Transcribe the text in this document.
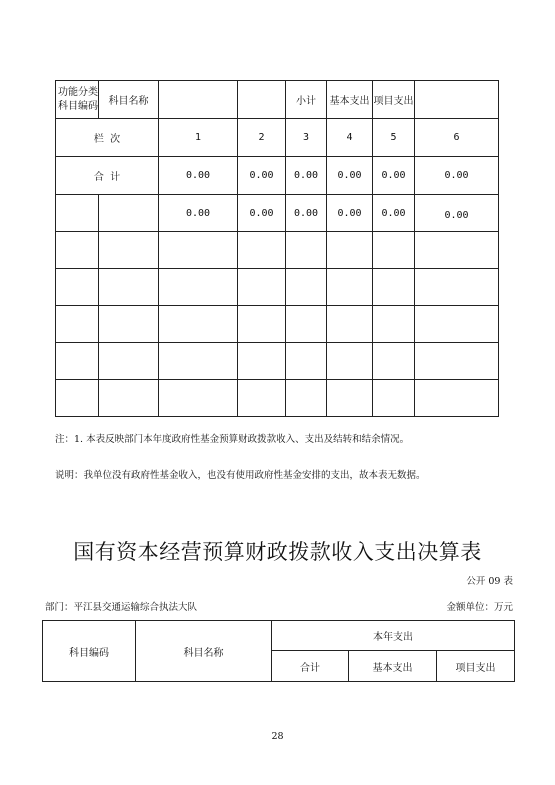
功能分类科目编码	科目名称			小计	基本支出	项目支出	
栏  次		1	2	3	4	5	6
合  计		0.00	0.00	0.00	0.00	0.00	0.00
		0.00	0.00	0.00	0.00	0.00	0.00

注：1. 本表反映部门本年度政府性基金预算财政拨款收入、支出及结转和结余情况。
说明：我单位没有政府性基金收入，也没有使用政府性基金安排的支出，故本表无数据。
国有资本经营预算财政拨款收入支出决算表
公开 09 表
部门：平江县交通运输综合执法大队	金额单位：万元
科目编码	科目名称	本年支出		
		合计	基本支出	项目支出
28
